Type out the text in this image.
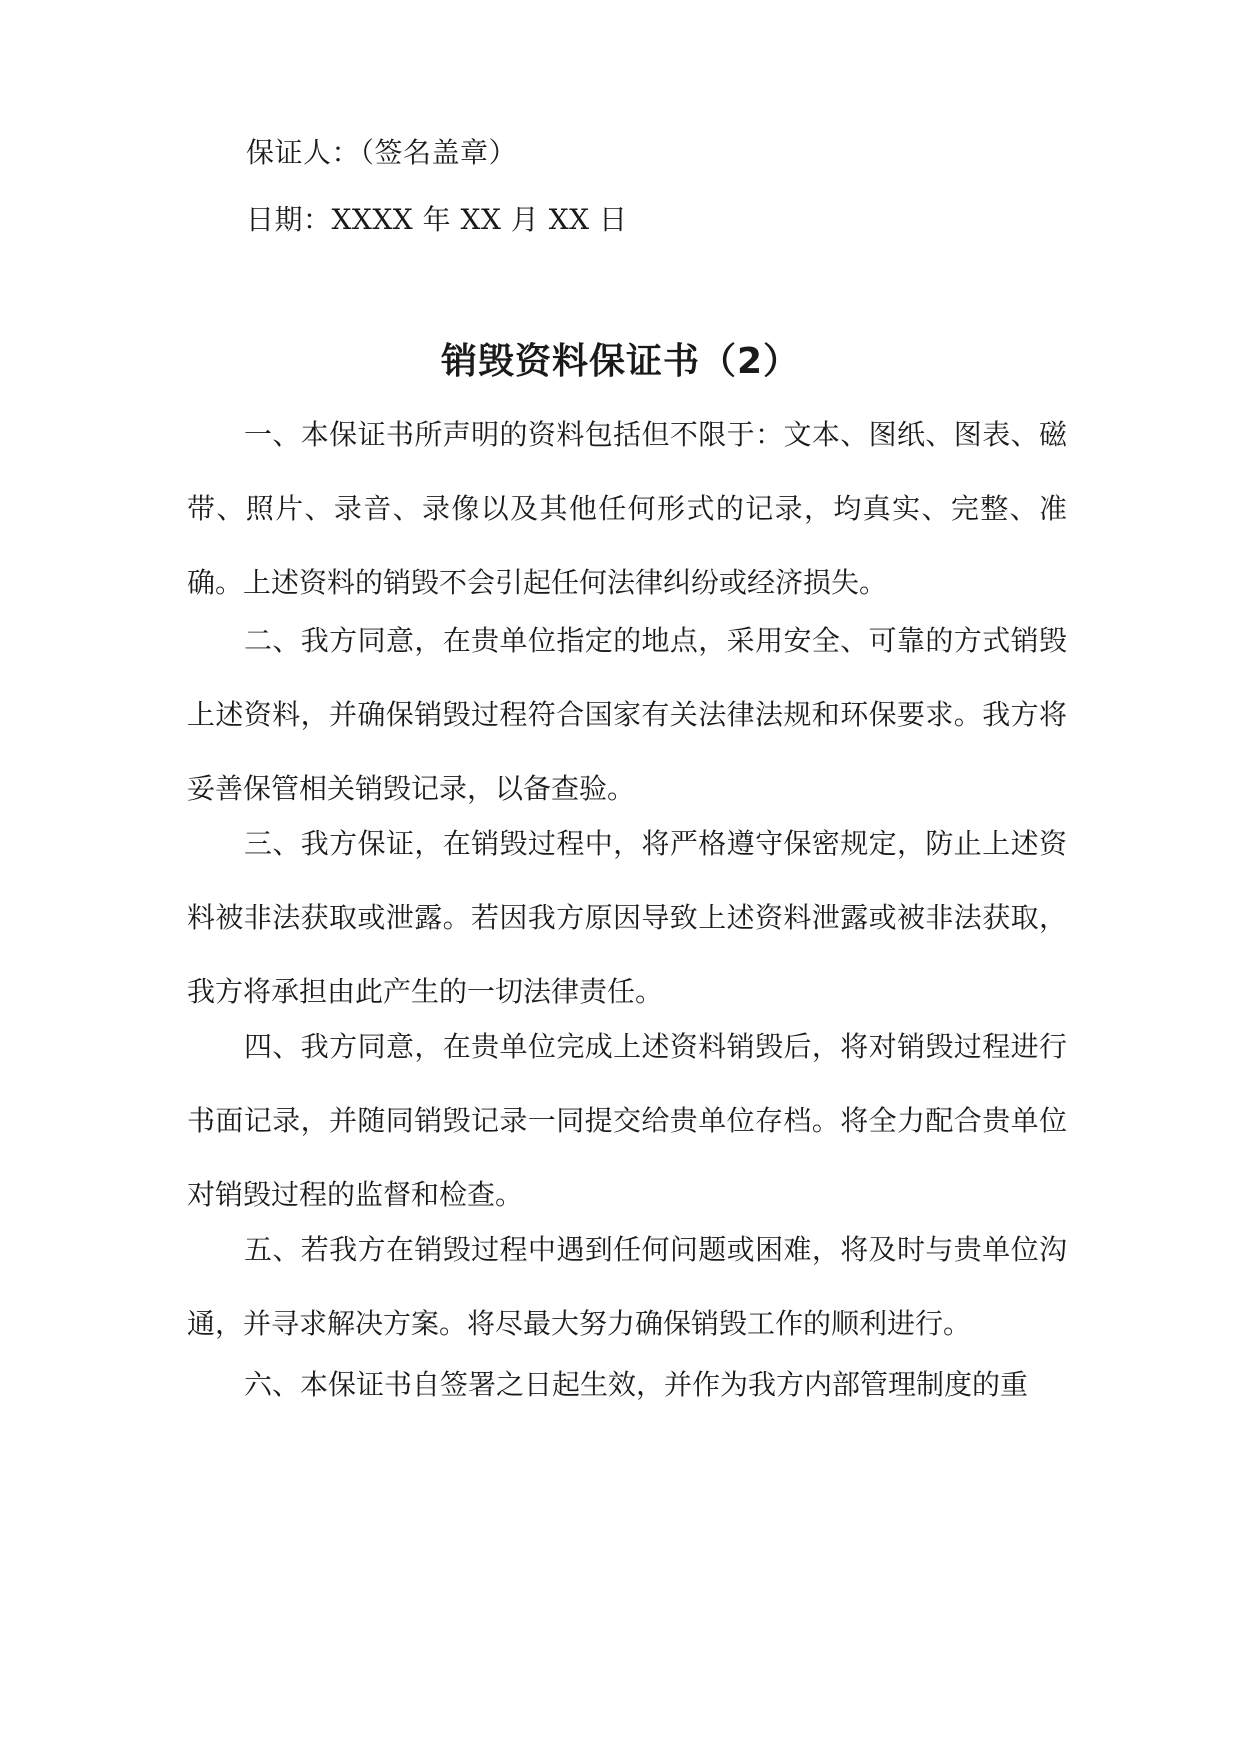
保证人：（签名盖章）
日期：XXXX 年 XX 月 XX 日
销毁资料保证书（2）

一、本保证书所声明的资料包括但不限于：文本、图纸、图表、磁带、照片、录音、录像以及其他任何形式的记录，均真实、完整、准确。上述资料的销毁不会引起任何法律纠纷或经济损失。

二、我方同意，在贵单位指定的地点，采用安全、可靠的方式销毁上述资料，并确保销毁过程符合国家有关法律法规和环保要求。我方将妥善保管相关销毁记录，以备查验。

三、我方保证，在销毁过程中，将严格遵守保密规定，防止上述资料被非法获取或泄露。若因我方原因导致上述资料泄露或被非法获取，我方将承担由此产生的一切法律责任。

四、我方同意，在贵单位完成上述资料销毁后，将对销毁过程进行书面记录，并随同销毁记录一同提交给贵单位存档。将全力配合贵单位对销毁过程的监督和检查。

五、若我方在销毁过程中遇到任何问题或困难，将及时与贵单位沟通，并寻求解决方案。将尽最大努力确保销毁工作的顺利进行。

六、本保证书自签署之日起生效，并作为我方内部管理制度的重
